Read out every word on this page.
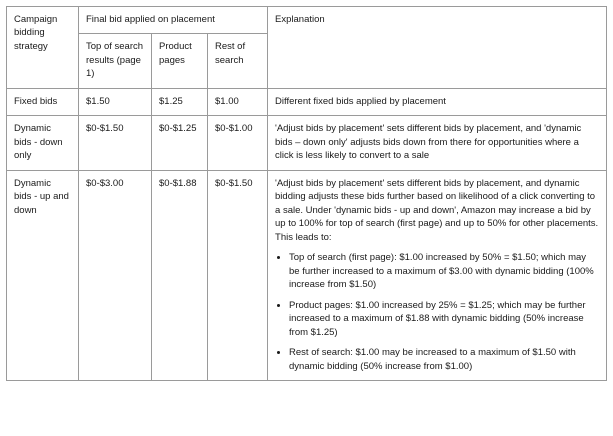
Campaign bidding strategy	Final bid applied on placement			Explanation
	Top of search results (page 1)	Product pages	Rest of search	
Fixed bids	$1.50	$1.25	$1.00	Different fixed bids applied by placement

Dynamic bids - down only	$0-$1.50	$0-$1.25	$0-$1.00	'Adjust bids by placement' sets different bids by placement, and 'dynamic bids – down only' adjusts bids down from there for opportunities where a click is less likely to convert to a sale

Dynamic bids - up and down	$0-$3.00	$0-$1.88	$0-$1.50	'Adjust bids by placement' sets different bids by placement, and dynamic bidding adjusts these bids further based on likelihood of a click converting to a sale. Under 'dynamic bids - up and down', Amazon may increase a bid by up to 100% for top of search (first page) and up to 50% for other placements. This leads to:

• Top of search (first page): $1.00 increased by 50% = $1.50; which may be further increased to a maximum of $3.00 with dynamic bidding (100% increase from $1.50)
• Product pages: $1.00 increased by 25% = $1.25; which may be further increased to a maximum of $1.88 with dynamic bidding (50% increase from $1.25)
• Rest of search: $1.00 may be increased to a maximum of $1.50 with dynamic bidding (50% increase from $1.00)
